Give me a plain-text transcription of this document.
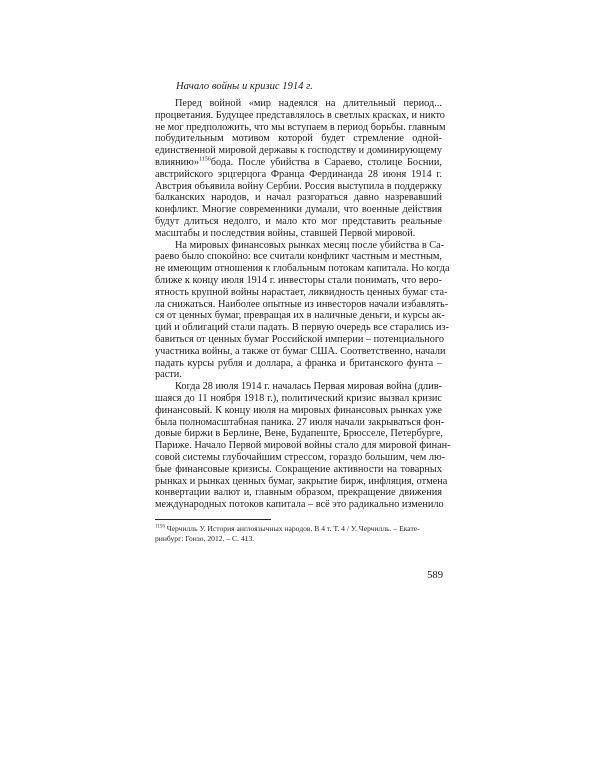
Начало войны и кризис 1914 г.

Перед войной «мир надеялся на длительный период...
процветания. Будущее представлялось в светлых красках, и никто
не мог предположить, что мы вступаем в период борьбы. главным
побудительным мотивом которой будет стремление одной-
единственной мировой державы к господству и доминирующему
влиянию»$^{1156}$бода. После убийства в Сараево, столице Боснии,
австрийского эрцгерцога Франца Фердинанда 28 июня 1914 г.
Австрия объявила войну Сербии. Россия выступила в поддержку
балканских народов, и начал разгораться давно назревавший
конфликт. Многие современники думали, что военные действия
будут длиться недолго, и мало кто мог представить реальные
масштабы и последствия войны, ставшей Первой мировой.
На мировых финансовых рынках месяц после убийства в Са-
раево было спокойно: все считали конфликт частным и местным,
не имеющим отношения к глобальным потокам капитала. Но когда
ближе к концу июля 1914 г. инвесторы стали понимать, что веро-
ятность крупной войны нарастает, ликвидность ценных бумаг ста-
ла снижаться. Наиболее опытные из инвесторов начали избавлять-
ся от ценных бумаг, превращая их в наличные деньги, и курсы ак-
ций и облигаций стали падать. В первую очередь все старались из-
бавиться от ценных бумаг Российской империи – потенциального
участника войны, а также от бумаг США. Соответственно, начали
падать курсы рубля и доллара, а франка и британского фунта –
расти.
Когда 28 июля 1914 г. началась Первая мировая война (длив-
шаяся до 11 ноября 1918 г.), политический кризис вызвал кризис
финансовый. К концу июля на мировых финансовых рынках уже
была полномасштабная паника. 27 июля начали закрываться фон-
довые биржи в Берлине, Вене, Будапеште, Брюсселе, Петербурге,
Париже. Начало Первой мировой войны стало для мировой финан-
совой системы глубочайшим стрессом, гораздо большим, чем лю-
бые финансовые кризисы. Сокращение активности на товарных
рынках и рынках ценных бумаг, закрытие бирж, инфляция, отмена
конвертации валют и, главным образом, прекращение движения
международных потоков капитала – всё это радикально изменило
$^{1156}$ Черчилль У. История англоязычных народов. В 4 т. Т. 4 / У. Черчилль. – Екате-
ринбург: Гонзо, 2012. – С. 413.
589
